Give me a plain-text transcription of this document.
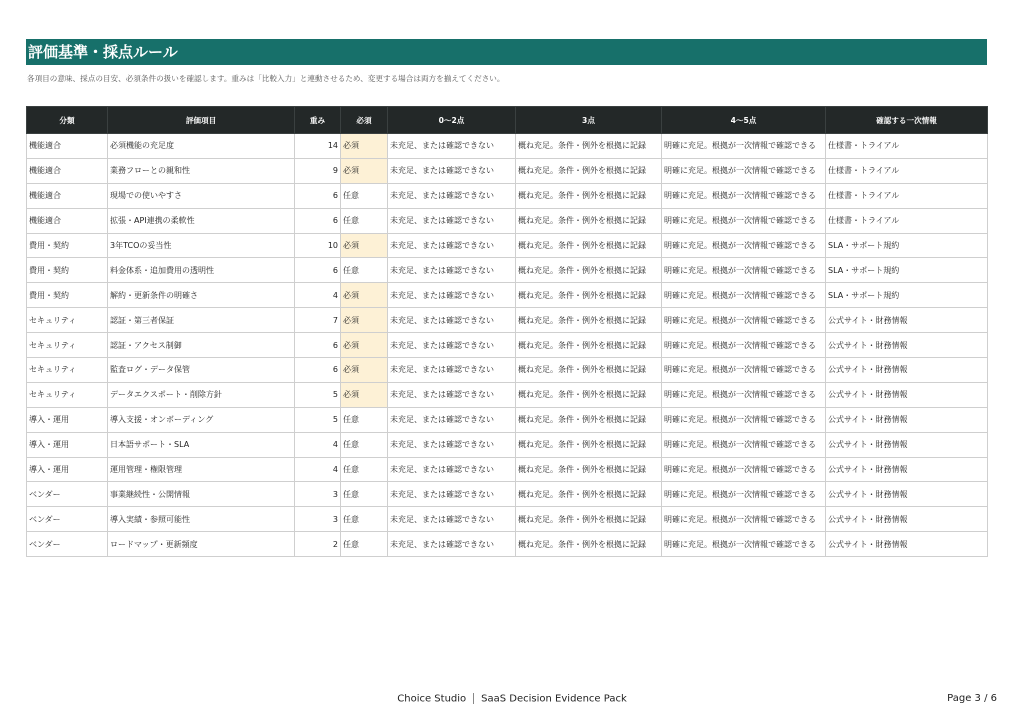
評価基準・採点ルール
各項目の意味、採点の目安、必須条件の扱いを確認します。重みは「比較入力」と連動させるため、変更する場合は両方を揃えてください。
分類	評価項目	重み	必須	0〜2点	3点	4〜5点	確認する一次情報
機能適合	必須機能の充足度	14	必須	未充足、または確認できない	概ね充足。条件・例外を根拠に記録	明確に充足。根拠が一次情報で確認できる	仕様書・トライアル
機能適合	業務フローとの親和性	9	必須	未充足、または確認できない	概ね充足。条件・例外を根拠に記録	明確に充足。根拠が一次情報で確認できる	仕様書・トライアル
機能適合	現場での使いやすさ	6	任意	未充足、または確認できない	概ね充足。条件・例外を根拠に記録	明確に充足。根拠が一次情報で確認できる	仕様書・トライアル
機能適合	拡張・API連携の柔軟性	6	任意	未充足、または確認できない	概ね充足。条件・例外を根拠に記録	明確に充足。根拠が一次情報で確認できる	仕様書・トライアル
費用・契約	3年TCOの妥当性	10	必須	未充足、または確認できない	概ね充足。条件・例外を根拠に記録	明確に充足。根拠が一次情報で確認できる	SLA・サポート規約
費用・契約	料金体系・追加費用の透明性	6	任意	未充足、または確認できない	概ね充足。条件・例外を根拠に記録	明確に充足。根拠が一次情報で確認できる	SLA・サポート規約
費用・契約	解約・更新条件の明確さ	4	必須	未充足、または確認できない	概ね充足。条件・例外を根拠に記録	明確に充足。根拠が一次情報で確認できる	SLA・サポート規約
セキュリティ	認証・第三者保証	7	必須	未充足、または確認できない	概ね充足。条件・例外を根拠に記録	明確に充足。根拠が一次情報で確認できる	公式サイト・財務情報
セキュリティ	認証・アクセス制御	6	必須	未充足、または確認できない	概ね充足。条件・例外を根拠に記録	明確に充足。根拠が一次情報で確認できる	公式サイト・財務情報
セキュリティ	監査ログ・データ保管	6	必須	未充足、または確認できない	概ね充足。条件・例外を根拠に記録	明確に充足。根拠が一次情報で確認できる	公式サイト・財務情報
セキュリティ	データエクスポート・削除方針	5	必須	未充足、または確認できない	概ね充足。条件・例外を根拠に記録	明確に充足。根拠が一次情報で確認できる	公式サイト・財務情報
導入・運用	導入支援・オンボーディング	5	任意	未充足、または確認できない	概ね充足。条件・例外を根拠に記録	明確に充足。根拠が一次情報で確認できる	公式サイト・財務情報
導入・運用	日本語サポート・SLA	4	任意	未充足、または確認できない	概ね充足。条件・例外を根拠に記録	明確に充足。根拠が一次情報で確認できる	公式サイト・財務情報
導入・運用	運用管理・権限管理	4	任意	未充足、または確認できない	概ね充足。条件・例外を根拠に記録	明確に充足。根拠が一次情報で確認できる	公式サイト・財務情報
ベンダー	事業継続性・公開情報	3	任意	未充足、または確認できない	概ね充足。条件・例外を根拠に記録	明確に充足。根拠が一次情報で確認できる	公式サイト・財務情報
ベンダー	導入実績・参照可能性	3	任意	未充足、または確認できない	概ね充足。条件・例外を根拠に記録	明確に充足。根拠が一次情報で確認できる	公式サイト・財務情報
ベンダー	ロードマップ・更新頻度	2	任意	未充足、または確認できない	概ね充足。条件・例外を根拠に記録	明確に充足。根拠が一次情報で確認できる	公式サイト・財務情報
Choice Studio SaaS Decision Evidence Pack	Page 3 / 6
